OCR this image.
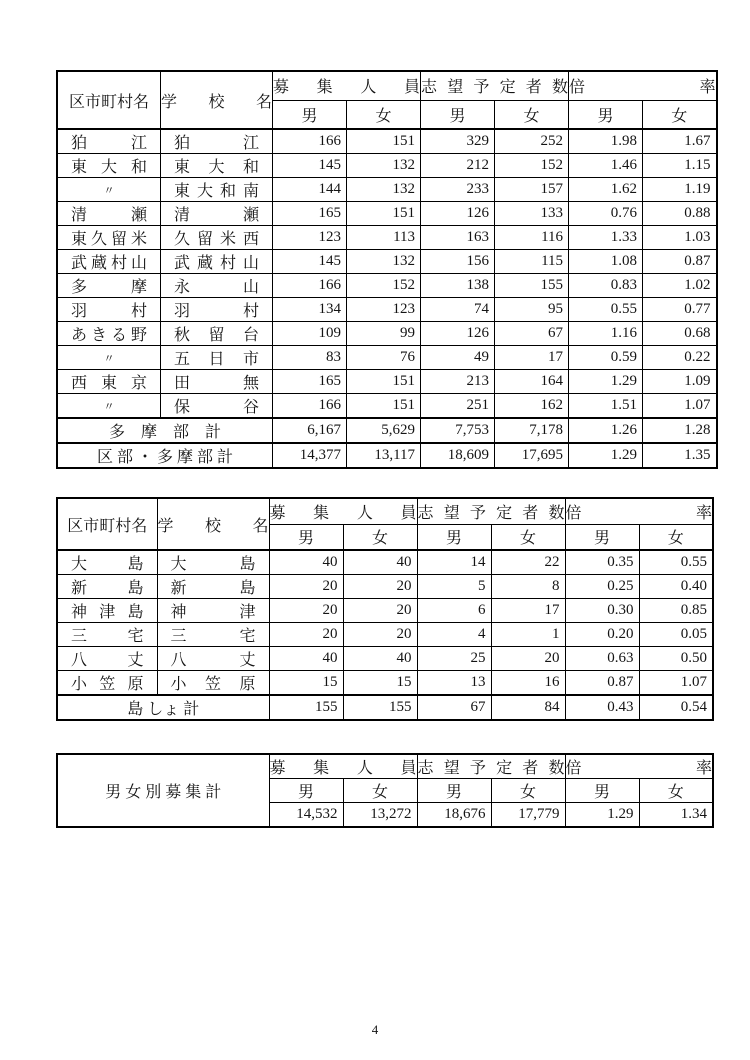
区市町村名	学 校 名	募 集 人 員		志 望 予 定 者 数		倍 率	
		男	女	男	女	男	女
狛 江	狛 江	166	151	329	252	1.98	1.67
東 大 和	東 大 和	145	132	212	152	1.46	1.15
〃	東 大 和 南	144	132	233	157	1.62	1.19
清 瀬	清 瀬	165	151	126	133	0.76	0.88
東 久 留 米	久 留 米 西	123	113	163	116	1.33	1.03
武 蔵 村 山	武 蔵 村 山	145	132	156	115	1.08	0.87
多 摩	永 山	166	152	138	155	0.83	1.02
羽 村	羽 村	134	123	74	95	0.55	0.77
あ き る 野	秋 留 台	109	99	126	67	1.16	0.68
〃	五 日 市	83	76	49	17	0.59	0.22
西 東 京	田 無	165	151	213	164	1.29	1.09
〃	保 谷	166	151	251	162	1.51	1.07
多　摩　部　計		6,167	5,629	7,753	7,178	1.26	1.28
区 部 ・ 多 摩 部 計		14,377	13,117	18,609	17,695	1.29	1.35
区市町村名	学 校 名	募 集 人 員		志 望 予 定 者 数		倍 率	
		男	女	男	女	男	女
大 島	大 島	40	40	14	22	0.35	0.55
新 島	新 島	20	20	5	8	0.25	0.40
神 津 島	神 津	20	20	6	17	0.30	0.85
三 宅	三 宅	20	20	4	1	0.20	0.05
八 丈	八 丈	40	40	25	20	0.63	0.50
小 笠 原	小 笠 原	15	15	13	16	0.87	1.07
島 しょ 計		155	155	67	84	0.43	0.54
男 女 別 募 集 計	募 集 人 員		志 望 予 定 者 数		倍 率	
	男	女	男	女	男	女
	14,532	13,272	18,676	17,779	1.29	1.34
4
